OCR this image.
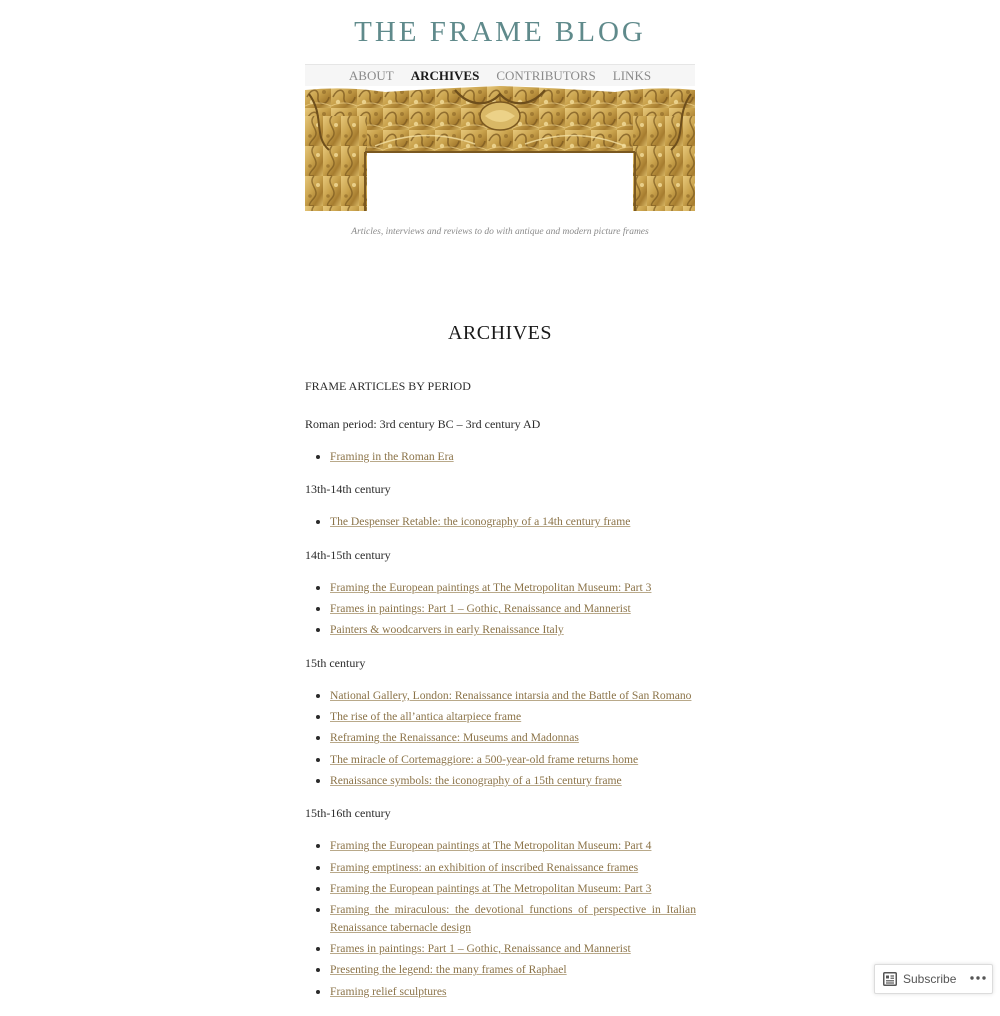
THE FRAME BLOG
ABOUT ARCHIVES CONTRIBUTORS LINKS
Articles, interviews and reviews to do with antique and modern picture frames
ARCHIVES
FRAME ARTICLES BY PERIOD
Roman period: 3rd century BC – 3rd century AD
• Framing in the Roman Era
13th-14th century
• The Despenser Retable: the iconography of a 14th century frame
14th-15th century
• Framing the European paintings at The Metropolitan Museum: Part 3
• Frames in paintings: Part 1 – Gothic, Renaissance and Mannerist
• Painters & woodcarvers in early Renaissance Italy
15th century
• National Gallery, London: Renaissance intarsia and the Battle of San Romano
• The rise of the all’antica altarpiece frame
• Reframing the Renaissance: Museums and Madonnas
• The miracle of Cortemaggiore: a 500-year-old frame returns home
• Renaissance symbols: the iconography of a 15th century frame
15th-16th century
• Framing the European paintings at The Metropolitan Museum: Part 4
• Framing emptiness: an exhibition of inscribed Renaissance frames
• Framing the European paintings at The Metropolitan Museum: Part 3
• Framing the miraculous: the devotional functions of perspective in Italian Renaissance tabernacle design
• Frames in paintings: Part 1 – Gothic, Renaissance and Mannerist
• Presenting the legend: the many frames of Raphael
• Framing relief sculptures
Subscribe
